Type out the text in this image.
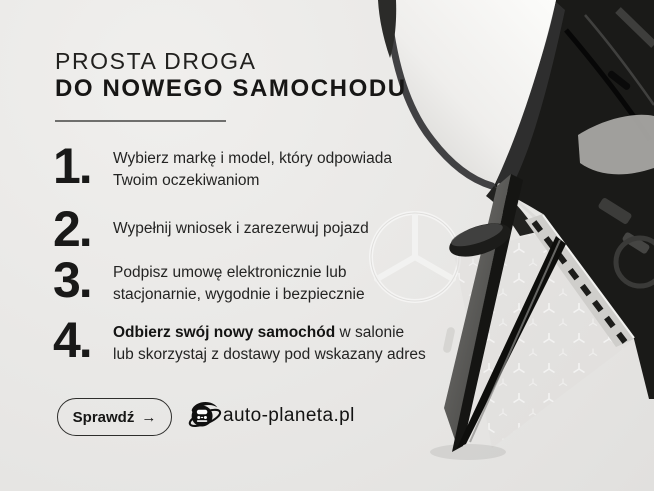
PROSTA DROGA
DO NOWEGO SAMOCHODU
1.	Wybierz markę i model, który odpowiada
Twoim oczekiwaniom
2.	Wypełnij wniosek i zarezerwuj pojazd
3.	Podpisz umowę elektronicznie lub
stacjonarnie, wygodnie i bezpiecznie
4.	Odbierz swój nowy samochód w salonie
lub skorzystaj z dostawy pod wskazany adres
Sprawdź →	auto-planeta.pl
